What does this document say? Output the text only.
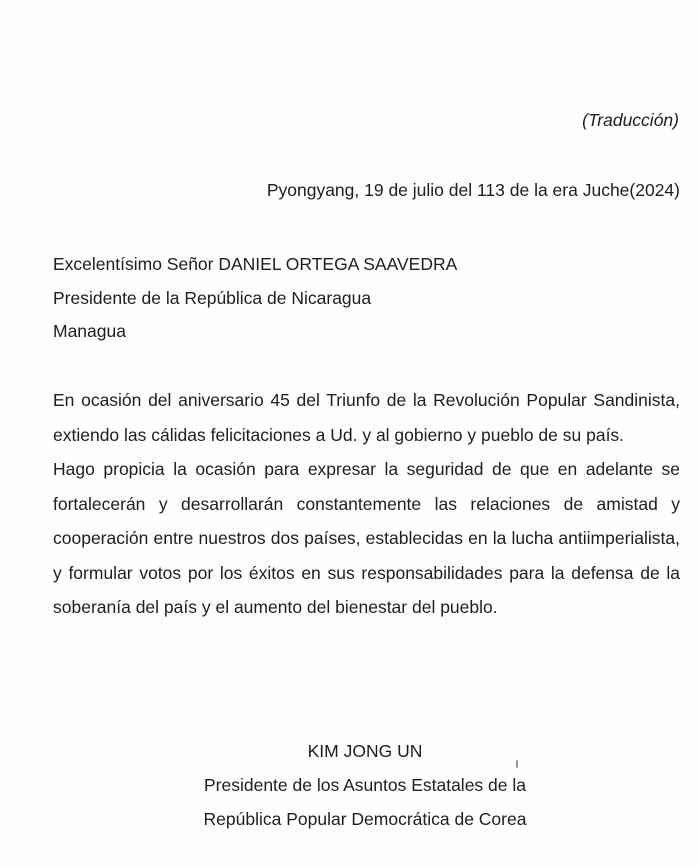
(Traducción)
Pyongyang, 19 de julio del 113 de la era Juche(2024)
Excelentísimo Señor DANIEL ORTEGA SAAVEDRA
Presidente de la República de Nicaragua
Managua

En ocasión del aniversario 45 del Triunfo de la Revolución Popular Sandinista, extiendo las cálidas felicitaciones a Ud. y al gobierno y pueblo de su país.

Hago propicia la ocasión para expresar la seguridad de que en adelante se fortalecerán y desarrollarán constantemente las relaciones de amistad y cooperación entre nuestros dos países, establecidas en la lucha antiimperialista, y formular votos por los éxitos en sus responsabilidades para la defensa de la soberanía del país y el aumento del bienestar del pueblo.

KIM JONG UN
Presidente de los Asuntos Estatales de la
República Popular Democrática de Corea
